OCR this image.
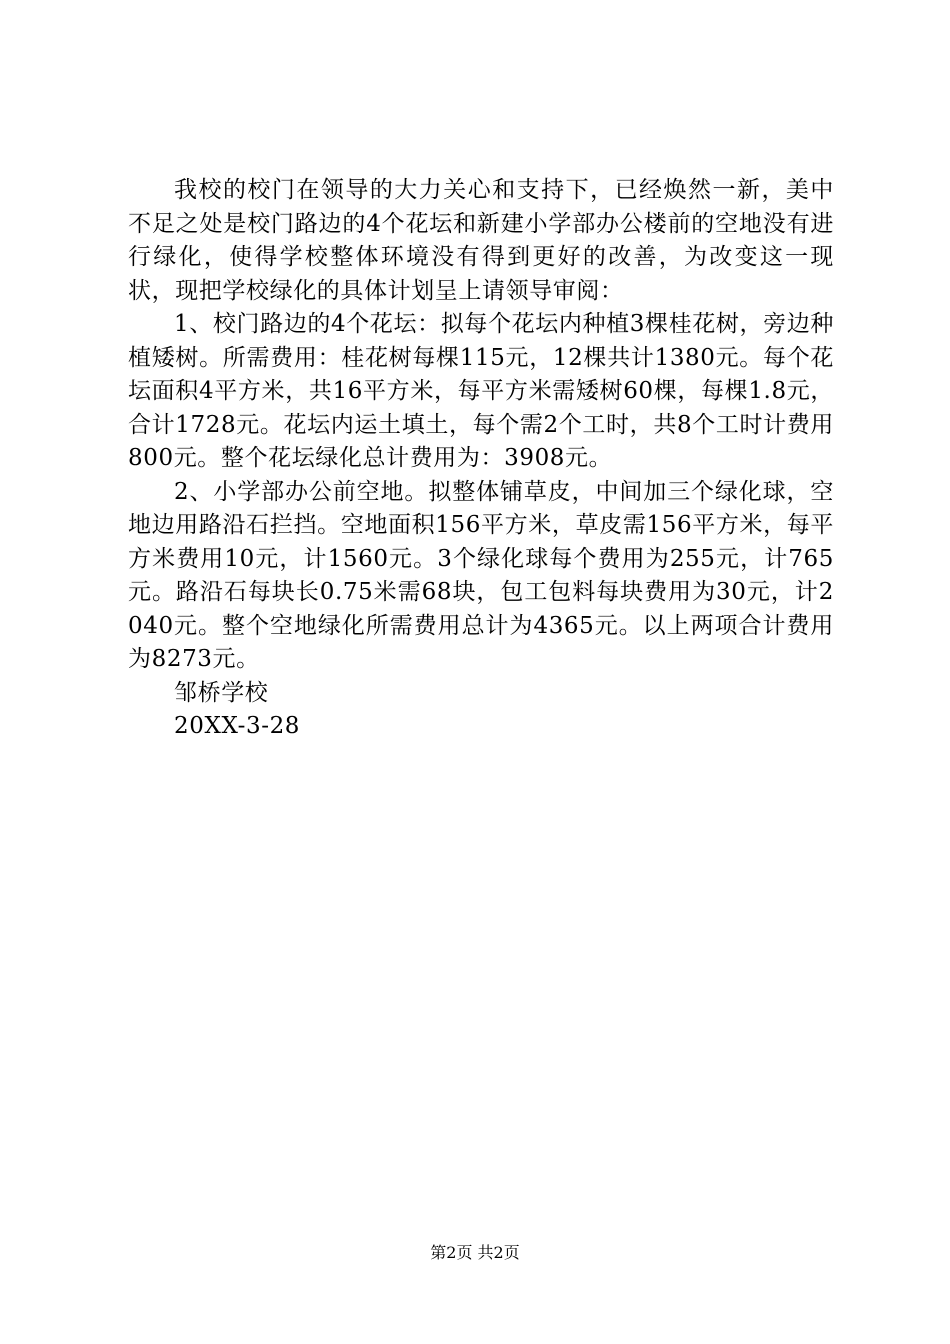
我校的校门在领导的大力关心和支持下，已经焕然一新，美中不足之处是校门路边的4个花坛和新建小学部办公楼前的空地没有进行绿化，使得学校整体环境没有得到更好的改善，为改变这一现状，现把学校绿化的具体计划呈上请领导审阅：

1、校门路边的4个花坛：拟每个花坛内种植3棵桂花树，旁边种植矮树。所需费用：桂花树每棵115元，12棵共计1380元。每个花坛面积4平方米，共16平方米，每平方米需矮树60棵，每棵1.8元，合计1728元。花坛内运土填土，每个需2个工时，共8个工时计费用800元。整个花坛绿化总计费用为：3908元。

2、小学部办公前空地。拟整体铺草皮，中间加三个绿化球，空地边用路沿石拦挡。空地面积156平方米，草皮需156平方米，每平方米费用10元，计1560元。3个绿化球每个费用为255元，计765元。路沿石每块长0.75米需68块，包工包料每块费用为30元，计2040元。整个空地绿化所需费用总计为4365元。以上两项合计费用为8273元。

邹桥学校

20XX-3-28

第2页 共2页
